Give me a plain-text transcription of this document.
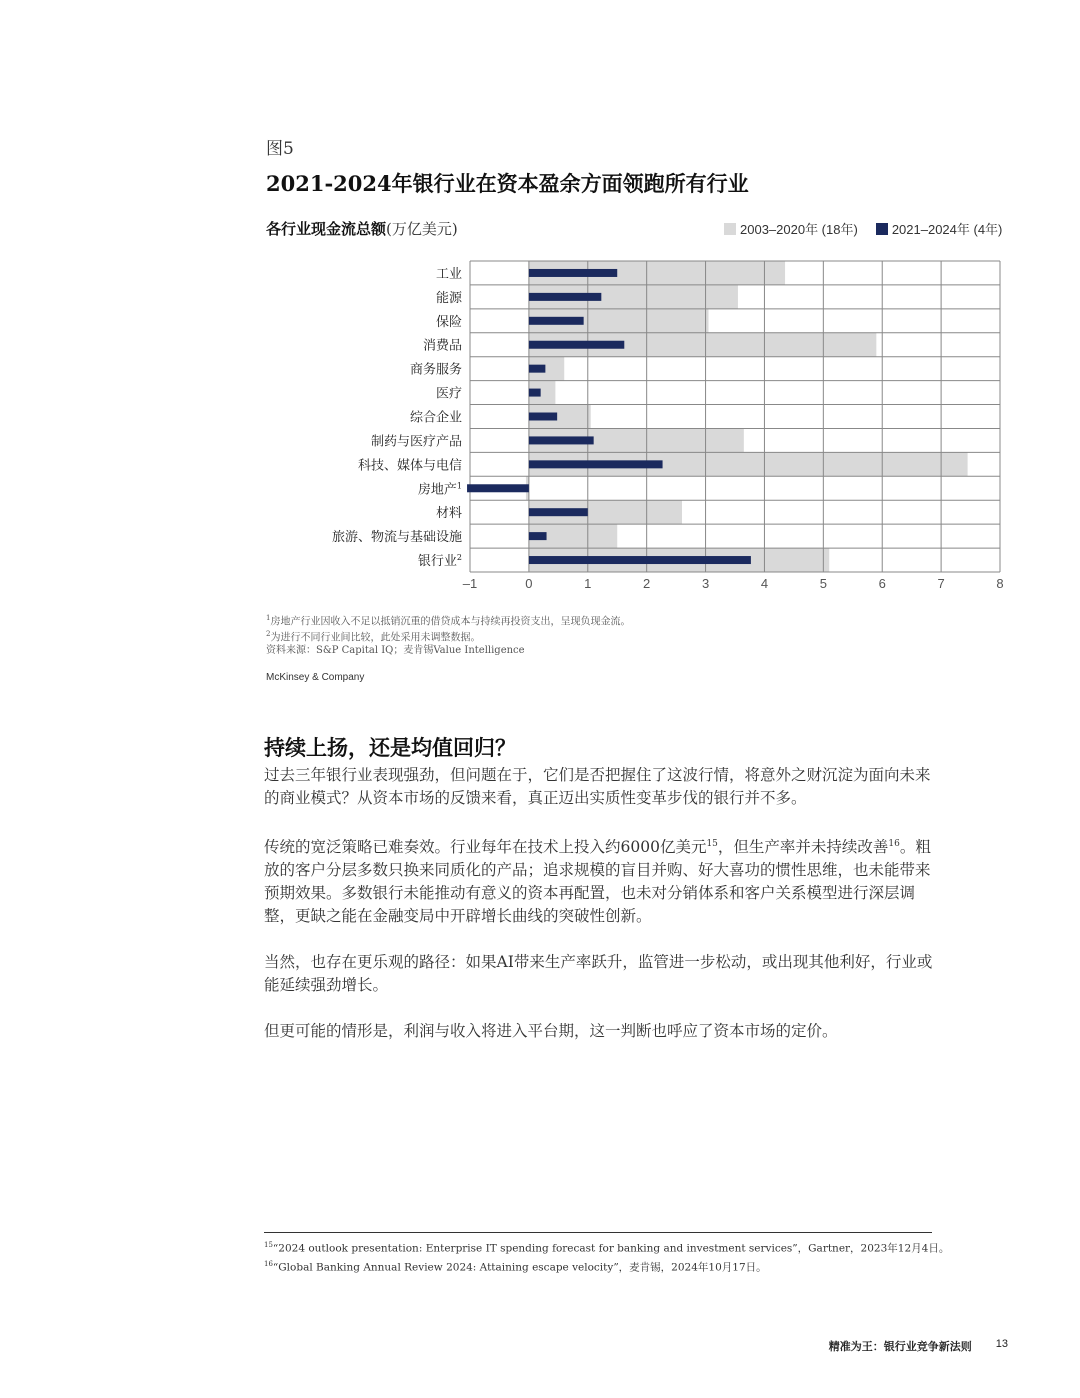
图5
2021-2024年银行业在资本盈余方面领跑所有行业
各行业现金流总额(万亿美元)	2003–2020年 (18年)	2021–2024年 (4年)
工业
能源
保险
消费品
商务服务
医疗
综合企业
制药与医疗产品
科技、媒体与电信
房地产$^1$
材料
旅游、物流与基础设施
银行业$^2$
–1	0	1	2	3	4	5	6	7	8
$^1$房地产行业因收入不足以抵销沉重的借贷成本与持续再投资支出，呈现负现金流。
$^2$为进行不同行业间比较，此处采用未调整数据。
资料来源：S&P Capital IQ；麦肯锡Value Intelligence
McKinsey & Company
持续上扬，还是均值回归？

过去三年银行业表现强劲，但问题在于，它们是否把握住了这波行情，将意外之财沉淀为面向未来的商业模式？从资本市场的反馈来看，真正迈出实质性变革步伐的银行并不多。

传统的宽泛策略已难奏效。行业每年在技术上投入约6000亿美元$^{15}$，但生产率并未持续改善$^{16}$。粗放的客户分层多数只换来同质化的产品；追求规模的盲目并购、好大喜功的惯性思维，也未能带来预期效果。多数银行未能推动有意义的资本再配置，也未对分销体系和客户关系模型进行深层调整，更缺之能在金融变局中开辟增长曲线的突破性创新。

当然，也存在更乐观的路径：如果AI带来生产率跃升，监管进一步松动，或出现其他利好，行业或能延续强劲增长。

但更可能的情形是，利润与收入将进入平台期，这一判断也呼应了资本市场的定价。

$^{15}$“2024 outlook presentation: Enterprise IT spending forecast for banking and investment services”，Gartner，2023年12月4日。
$^{16}$“Global Banking Annual Review 2024: Attaining escape velocity”，麦肯锡，2024年10月17日。
精准为王：银行业竞争新法则 13
